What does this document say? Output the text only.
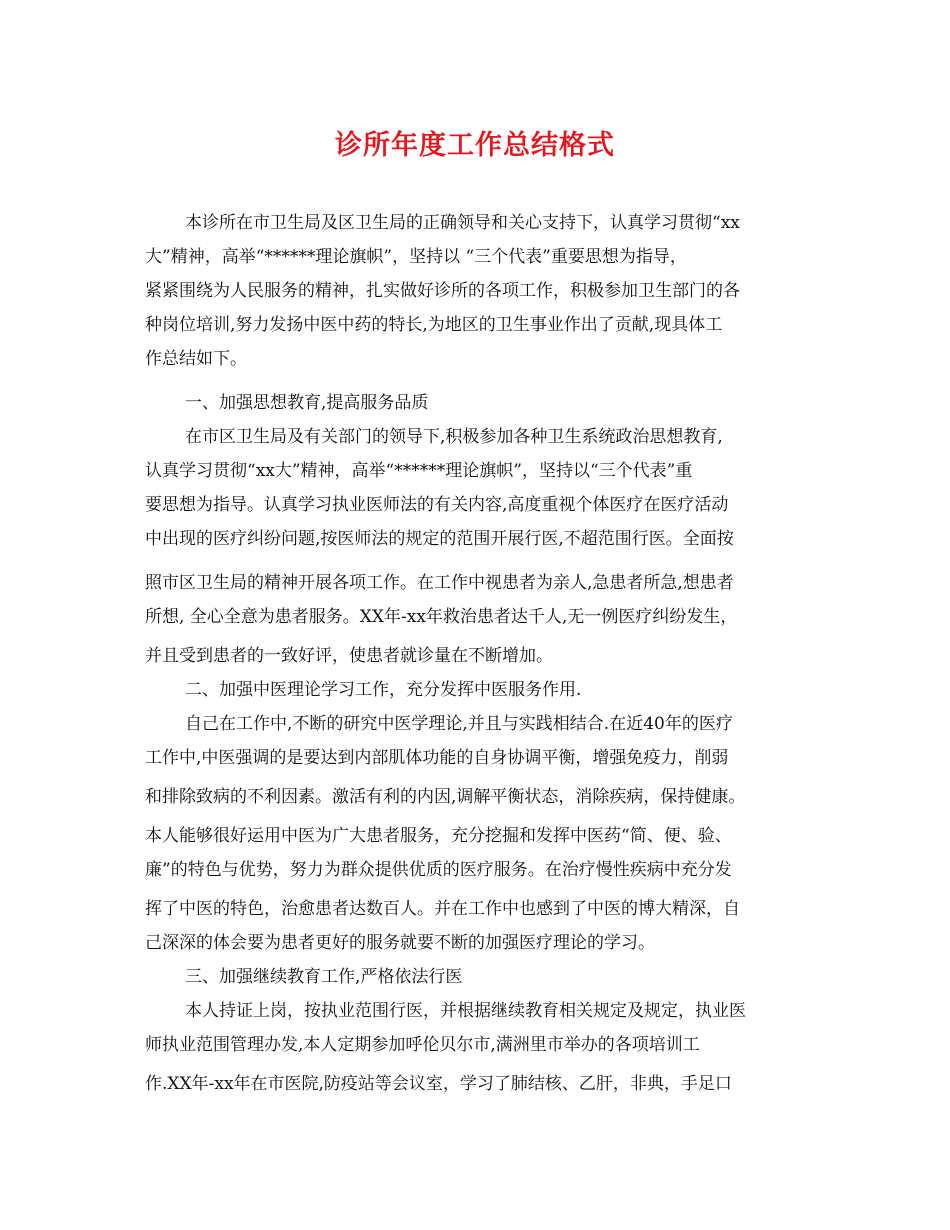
诊所年度工作总结格式
本诊所在市卫生局及区卫生局的正确领导和关心支持下，认真学习贯彻“xx
大”精神，高举“******理论旗帜”，坚持以 “三个代表”重要思想为指导，
紧紧围绕为人民服务的精神，扎实做好诊所的各项工作，积极参加卫生部门的各
种岗位培训,努力发扬中医中药的特长,为地区的卫生事业作出了贡献,现具体工
作总结如下。
一、加强思想教育,提高服务品质
在市区卫生局及有关部门的领导下,积极参加各种卫生系统政治思想教育,
认真学习贯彻“xx大”精神，高举“******理论旗帜”，坚持以“三个代表”重
要思想为指导。认真学习执业医师法的有关内容,高度重视个体医疗在医疗活动
中出现的医疗纠纷问题,按医师法的规定的范围开展行医,不超范围行医。全面按
照市区卫生局的精神开展各项工作。在工作中视患者为亲人,急患者所急,想患者
所想, 全心全意为患者服务。XX年-xx年救治患者达千人,无一例医疗纠纷发生，
并且受到患者的一致好评，使患者就诊量在不断增加。
二、加强中医理论学习工作，充分发挥中医服务作用.
自己在工作中,不断的研究中医学理论,并且与实践相结合.在近40年的医疗
工作中,中医强调的是要达到内部肌体功能的自身协调平衡，增强免疫力，削弱
和排除致病的不利因素。激活有利的内因,调解平衡状态，消除疾病，保持健康。
本人能够很好运用中医为广大患者服务，充分挖掘和发挥中医药“简、便、验、
廉”的特色与优势，努力为群众提供优质的医疗服务。在治疗慢性疾病中充分发
挥了中医的特色，治愈患者达数百人。并在工作中也感到了中医的博大精深，自
己深深的体会要为患者更好的服务就要不断的加强医疗理论的学习。
三、加强继续教育工作,严格依法行医
本人持证上岗，按执业范围行医，并根据继续教育相关规定及规定，执业医
师执业范围管理办发,本人定期参加呼伦贝尔市,满洲里市举办的各项培训工
作.XX年-xx年在市医院,防疫站等会议室，学习了肺结核、乙肝，非典，手足口
